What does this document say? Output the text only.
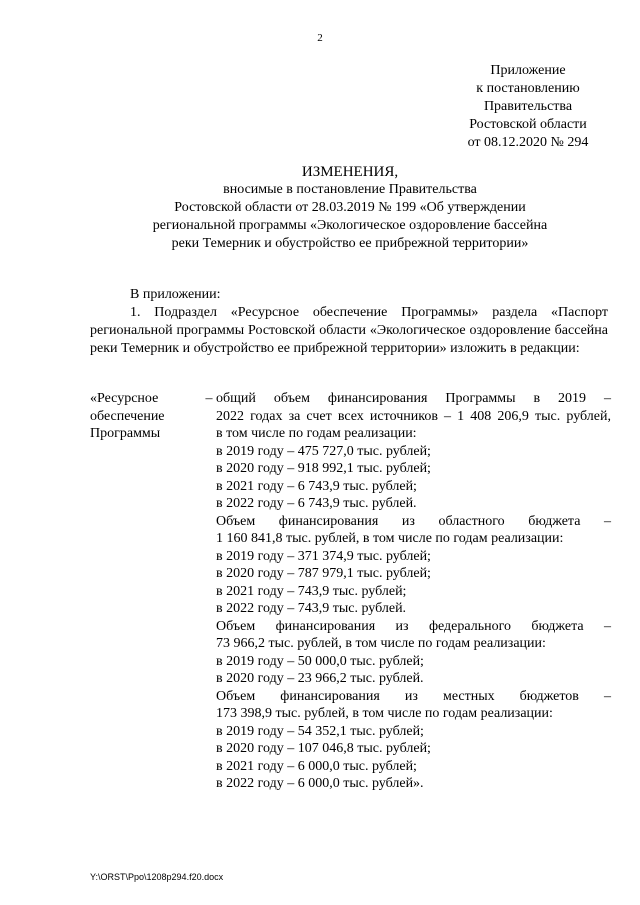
2
Приложение
к постановлению
Правительства
Ростовской области
от 08.12.2020 № 294
ИЗМЕНЕНИЯ,
вносимые в постановление Правительства
Ростовской области от 28.03.2019 № 199 «Об утверждении
региональной программы «Экологическое оздоровление бассейна
реки Темерник и обустройство ее прибрежной территории»

В приложении:

1. Подраздел «Ресурсное обеспечение Программы» раздела «Паспорт региональной программы Ростовской области «Экологическое оздоровление бассейна реки Темерник и обустройство ее прибрежной территории» изложить в редакции:

«Ресурсное
обеспечение
Программы
– общий объем финансирования Программы в 2019 –

2022 годах за счет всех источников – 1 408 206,9 тыс. рублей,

в том числе по годам реализации:

в 2019 году – 475 727,0 тыс. рублей;

в 2020 году – 918 992,1 тыс. рублей;

в 2021 году – 6 743,9 тыс. рублей;

в 2022 году – 6 743,9 тыс. рублей.

Объем финансирования из областного бюджета –

1 160 841,8 тыс. рублей, в том числе по годам реализации:

в 2019 году – 371 374,9 тыс. рублей;

в 2020 году – 787 979,1 тыс. рублей;

в 2021 году – 743,9 тыс. рублей;

в 2022 году – 743,9 тыс. рублей.

Объем финансирования из федерального бюджета –

73 966,2 тыс. рублей, в том числе по годам реализации:

в 2019 году – 50 000,0 тыс. рублей;

в 2020 году – 23 966,2 тыс. рублей.

Объем финансирования из местных бюджетов –

173 398,9 тыс. рублей, в том числе по годам реализации:

в 2019 году – 54 352,1 тыс. рублей;

в 2020 году – 107 046,8 тыс. рублей;

в 2021 году – 6 000,0 тыс. рублей;

в 2022 году – 6 000,0 тыс. рублей».

Y:\ORST\Ppo\1208p294.f20.docx
